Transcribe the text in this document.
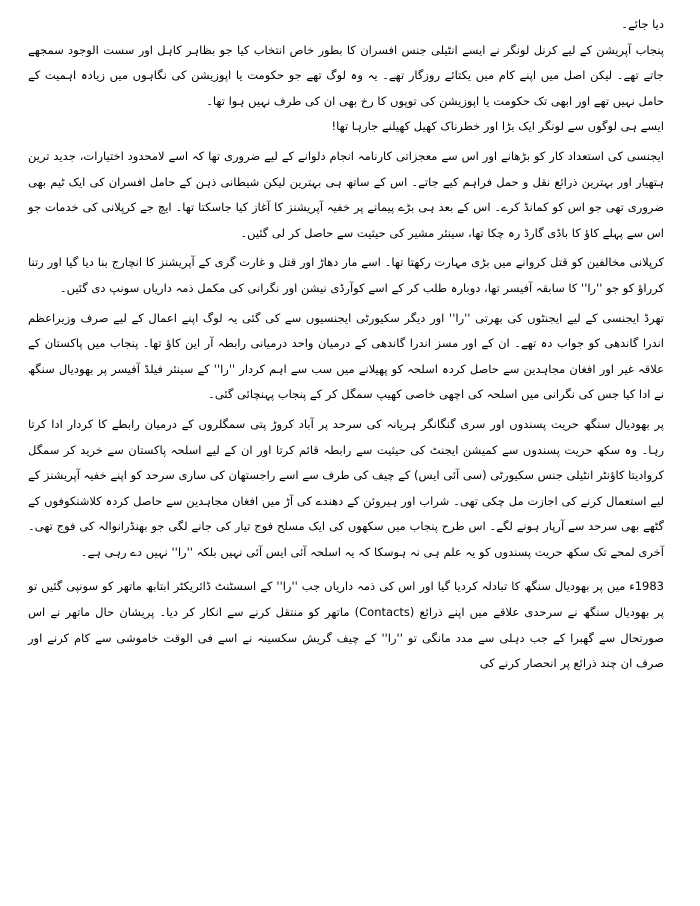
دیا جائے۔

پنجاب آپریشن کے لیے کرنل لونگر نے ایسے انٹیلی جنس افسران کا بطور خاص انتخاب کیا جو بظاہر کاہل اور سست الوجود سمجھے جاتے تھے۔ لیکن اصل میں اپنے کام میں یکتائے روزگار تھے۔ یہ وہ لوگ تھے جو حکومت یا اپوزیشن کی نگاہوں میں زیادہ اہمیت کے حامل نہیں تھے اور ابھی تک حکومت یا اپوزیشن کی توپوں کا رخ بھی ان کی طرف نہیں ہوا تھا۔

ایسے ہی لوگوں سے لونگر ایک بڑا اور خطرناک کھیل کھیلنے جارہا تھا!

ایجنسی کی استعداد کار کو بڑھانے اور اس سے معجزاتی کارنامہ انجام دلوانے کے لیے ضروری تھا کہ اسے لامحدود اختیارات، جدید ترین ہتھیار اور بہترین ذرائع نقل و حمل فراہم کیے جاتے۔ اس کے ساتھ ہی بہترین لیکن شیطانی ذہن کے حامل افسران کی ایک ٹیم بھی ضروری تھی جو اس کو کمانڈ کرے۔ اس کے بعد ہی بڑے پیمانے پر خفیہ آپریشنز کا آغاز کیا جاسکتا تھا۔ ایچ جے کرپلانی کی خدمات جو اس سے پہلے کاؤ کا باڈی گارڈ رہ چکا تھا، سینئر مشیر کی حیثیت سے حاصل کر لی گئیں۔

کرپلانی مخالفین کو قتل کروانے میں بڑی مہارت رکھتا تھا۔ اسے مار دھاڑ اور قتل و غارت گری کے آپریشنز کا انچارج بنا دیا گیا اور رتنا کرراؤ کو جو ''را'' کا سابقہ آفیسر تھا، دوبارہ طلب کر کے اسے کوآرڈی نیشن اور نگرانی کی مکمل ذمہ داریاں سونپ دی گئیں۔

تھرڈ ایجنسی کے لیے ایجنٹوں کی بھرتی ''را'' اور دیگر سکیورٹی ایجنسیوں سے کی گئی یہ لوگ اپنے اعمال کے لیے صرف وزیراعظم اندرا گاندھی کو جواب دہ تھے۔ ان کے اور مسز اندرا گاندھی کے درمیان واحد درمیانی رابطہ آر این کاؤ تھا۔ پنجاب میں پاکستان کے علاقہ غیر اور افغان مجاہدین سے حاصل کردہ اسلحہ کو پھیلانے میں سب سے اہم کردار ''را'' کے سینئر فیلڈ آفیسر پر بھودیال سنگھ نے ادا کیا جس کی نگرانی میں اسلحہ کی اچھی خاصی کھیپ سمگل کر کے پنجاب پہنچائی گئی۔

پر بھودیال سنگھ حریت پسندوں اور سری گنگانگر ہریانہ کی سرحد پر آباد کروڑ پتی سمگلروں کے درمیان رابطے کا کردار ادا کرتا رہا۔ وہ سکھ حریت پسندوں سے کمیشن ایجنٹ کی حیثیت سے رابطہ قائم کرتا اور ان کے لیے اسلحہ پاکستان سے خرید کر سمگل کروادیتا کاؤنٹر انٹیلی جنس سکیورٹی (سی آئی ایس) کے چیف کی طرف سے اسے راجستھان کی ساری سرحد کو اپنے خفیہ آپریشنز کے لیے استعمال کرنے کی اجازت مل چکی تھی۔ شراب اور ہیروئن کے دھندے کی آڑ میں افغان مجاہدین سے حاصل کردہ کلاشنکوفوں کے گٹھے بھی سرحد سے آرپار ہونے لگے۔ اس طرح پنجاب میں سکھوں کی ایک مسلح فوج تیار کی جانے لگی جو بھنڈرانوالہ کی فوج تھی۔ آخری لمحے تک سکھ حریت پسندوں کو یہ علم ہی نہ ہوسکا کہ یہ اسلحہ آئی ایس آئی نہیں بلکہ ''را'' نہیں دے رہی ہے۔

1983ء میں پر بھودیال سنگھ کا تبادلہ کردیا گیا اور اس کی ذمہ داریاں جب ''را'' کے اسسٹنٹ ڈائریکٹر ابتابھ ماتھر کو سونپی گئیں تو پر بھودیال سنگھ نے سرحدی علاقے میں اپنے ذرائع (Contacts) ماتھر کو منتقل کرنے سے انکار کر دیا۔ پریشان حال ماتھر نے اس صورتحال سے گھبرا کے جب دہلی سے مدد مانگی تو ''را'' کے چیف گریش سکسینہ نے اسے فی الوقت خاموشی سے کام کرنے اور صرف ان چند ذرائع پر انحصار کرنے کی
